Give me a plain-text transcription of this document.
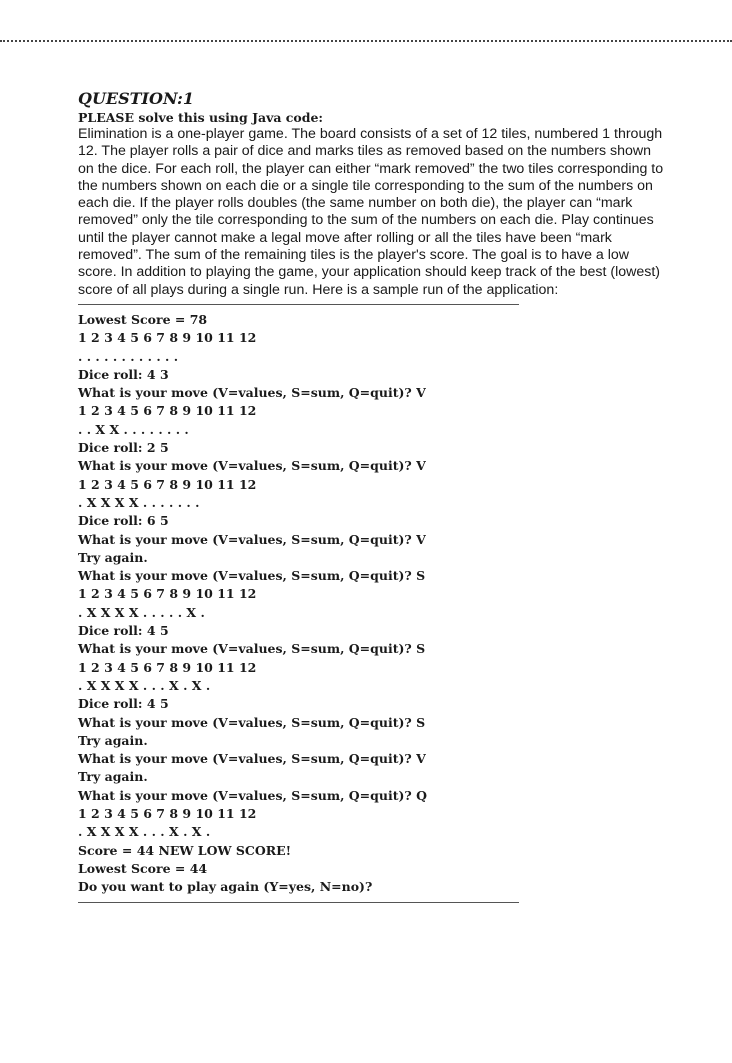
QUESTION:1

PLEASE solve this using Java code:

Elimination is a one-player game. The board consists of a set of 12 tiles, numbered 1 through 12. The player rolls a pair of dice and marks tiles as removed based on the numbers shown on the dice. For each roll, the player can either “mark removed” the two tiles corresponding to the numbers shown on each die or a single tile corresponding to the sum of the numbers on each die. If the player rolls doubles (the same number on both die), the player can “mark removed” only the tile corresponding to the sum of the numbers on each die. Play continues until the player cannot make a legal move after rolling or all the tiles have been “mark removed”. The sum of the remaining tiles is the player's score. The goal is to have a low score. In addition to playing the game, your application should keep track of the best (lowest) score of all plays during a single run. Here is a sample run of the application:

Lowest Score = 78
1 2 3 4 5 6 7 8 9 10 11 12
. . . . . . . . . . . .
Dice roll: 4 3
What is your move (V=values, S=sum, Q=quit)? V
1 2 3 4 5 6 7 8 9 10 11 12
. . X X . . . . . . . .
Dice roll: 2 5
What is your move (V=values, S=sum, Q=quit)? V
1 2 3 4 5 6 7 8 9 10 11 12
. X X X X . . . . . . .
Dice roll: 6 5
What is your move (V=values, S=sum, Q=quit)? V
Try again.
What is your move (V=values, S=sum, Q=quit)? S
1 2 3 4 5 6 7 8 9 10 11 12
. X X X X . . . . . X .
Dice roll: 4 5
What is your move (V=values, S=sum, Q=quit)? S
1 2 3 4 5 6 7 8 9 10 11 12
. X X X X . . . X . X .
Dice roll: 4 5
What is your move (V=values, S=sum, Q=quit)? S
Try again.
What is your move (V=values, S=sum, Q=quit)? V
Try again.
What is your move (V=values, S=sum, Q=quit)? Q
1 2 3 4 5 6 7 8 9 10 11 12
. X X X X . . . X . X .
Score = 44 NEW LOW SCORE!
Lowest Score = 44
Do you want to play again (Y=yes, N=no)?
